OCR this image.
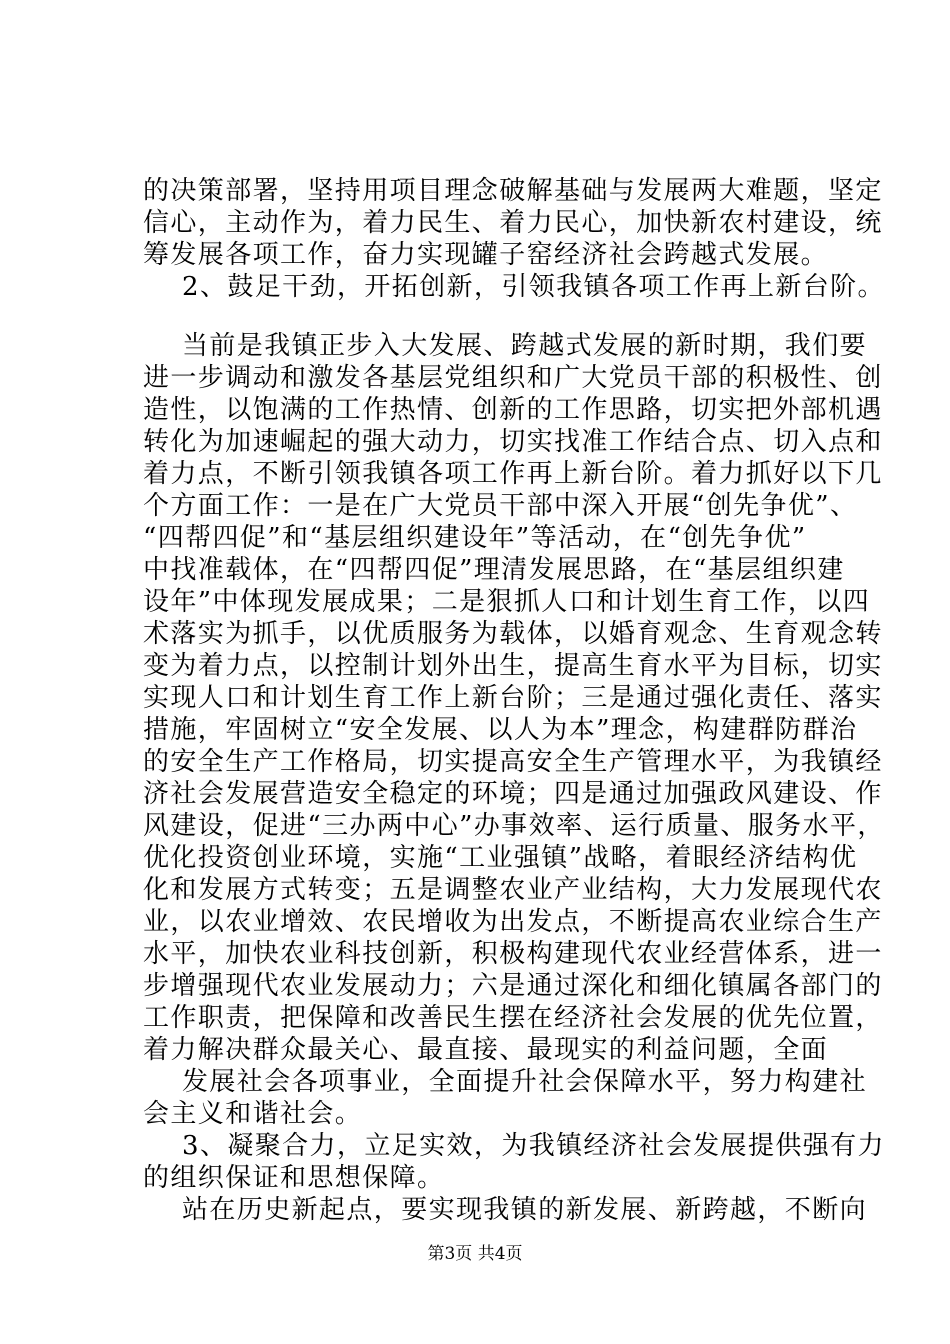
的决策部署，坚持用项目理念破解基础与发展两大难题，坚定
信心，主动作为，着力民生、着力民心，加快新农村建设，统
筹发展各项工作，奋力实现罐子窑经济社会跨越式发展。
2、鼓足干劲，开拓创新，引领我镇各项工作再上新台阶。
当前是我镇正步入大发展、跨越式发展的新时期，我们要
进一步调动和激发各基层党组织和广大党员干部的积极性、创
造性，以饱满的工作热情、创新的工作思路，切实把外部机遇
转化为加速崛起的强大动力，切实找准工作结合点、切入点和
着力点，不断引领我镇各项工作再上新台阶。着力抓好以下几
个方面工作：一是在广大党员干部中深入开展“创先争优”、
“四帮四促”和“基层组织建设年”等活动，在“创先争优”
中找准载体，在“四帮四促”理清发展思路，在“基层组织建
设年”中体现发展成果；二是狠抓人口和计划生育工作，以四
术落实为抓手，以优质服务为载体，以婚育观念、生育观念转
变为着力点，以控制计划外出生，提高生育水平为目标，切实
实现人口和计划生育工作上新台阶；三是通过强化责任、落实
措施，牢固树立“安全发展、以人为本”理念，构建群防群治
的安全生产工作格局，切实提高安全生产管理水平，为我镇经
济社会发展营造安全稳定的环境；四是通过加强政风建设、作
风建设，促进“三办两中心”办事效率、运行质量、服务水平，
优化投资创业环境，实施“工业强镇”战略，着眼经济结构优
化和发展方式转变；五是调整农业产业结构，大力发展现代农
业，以农业增效、农民增收为出发点，不断提高农业综合生产
水平，加快农业科技创新，积极构建现代农业经营体系，进一
步增强现代农业发展动力；六是通过深化和细化镇属各部门的
工作职责，把保障和改善民生摆在经济社会发展的优先位置，
着力解决群众最关心、最直接、最现实的利益问题，全面
发展社会各项事业，全面提升社会保障水平，努力构建社
会主义和谐社会。
3、凝聚合力，立足实效，为我镇经济社会发展提供强有力
的组织保证和思想保障。
站在历史新起点，要实现我镇的新发展、新跨越，不断向
第3页 共4页
